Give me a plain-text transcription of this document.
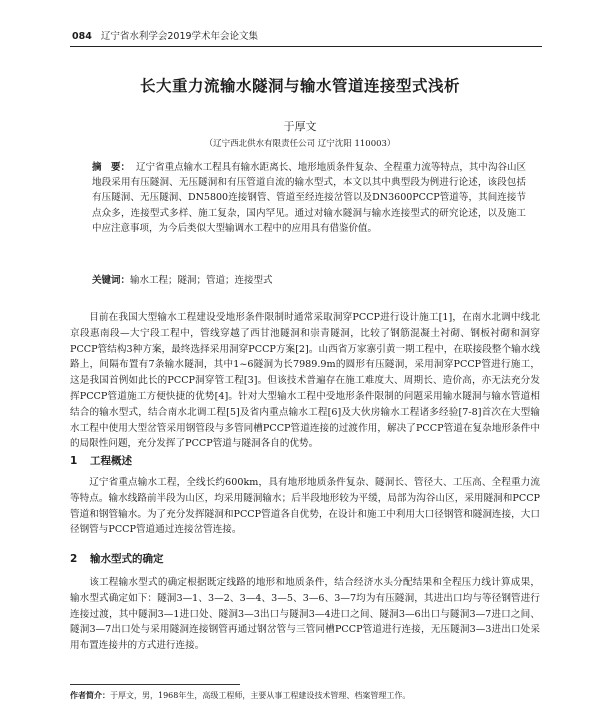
084 辽宁省水利学会2019学术年会论文集
长大重力流输水隧洞与输水管道连接型式浅析
于厚文
（辽宁西北供水有限责任公司 辽宁沈阳 110003）
摘　要： 辽宁省重点输水工程具有输水距离长、地形地质条件复杂、全程重力流等特点，其中沟谷山区地段采用有压隧洞、无压隧洞和有压管道自流的输水型式，本文以其中典型段为例进行论述，该段包括有压隧洞、无压隧洞、DN5800连接钢管、管道至经连接岔管以及DN3600PCCP管道等，其间连接节点众多，连接型式多样、施工复杂，国内罕见。通过对输水隧洞与输水连接型式的研究论述，以及施工中应注意事项，为今后类似大型输调水工程中的应用具有借鉴价值。
关键词：输水工程；隧洞；管道；连接型式
目前在我国大型输水工程建设受地形条件限制时通常采取洞穿PCCP进行设计施工[1]，在南水北调中线北京段惠南段—大宁段工程中，管线穿越了西甘池隧洞和崇青隧洞，比较了钢筋混凝土衬砌、钢板衬砌和洞穿PCCP管结构3种方案，最终选择采用洞穿PCCP方案[2]。山西省万家寨引黄一期工程中，在联接段整个输水线路上，间隔布置有7条输水隧洞，其中1~6隧洞为长7989.9m的圆形有压隧洞，采用洞穿PCCP管进行施工，这是我国首例如此长的PCCP洞穿管工程[3]。但该技术普遍存在施工难度大、周期长、造价高，亦无法充分发挥PCCP管道施工方便快捷的优势[4]。针对大型输水工程中受地形条件限制的问题采用输水隧洞与输水管道相结合的输水型式，结合南水北调工程[5]及省内重点输水工程[6]及大伙房输水工程诸多经验[7-8]首次在大型输水工程中使用大型岔管采用钢管段与多管同槽PCCP管道连接的过渡作用，解决了PCCP管道在复杂地形条件中的局限性问题，充分发挥了PCCP管道与隧洞各自的优势。
1 工程概述
辽宁省重点输水工程，全线长约600km，具有地形地质条件复杂、隧洞长、管径大、工压高、全程重力流等特点。输水线路前半段为山区，均采用隧洞输水；后半段地形较为平缓，局部为沟谷山区，采用隧洞和PCCP管道和钢管输水。为了充分发挥隧洞和PCCP管道各自优势，在设计和施工中利用大口径钢管和隧洞连接，大口径钢管与PCCP管道通过连接岔管连接。
2 输水型式的确定
该工程输水型式的确定根据既定线路的地形和地质条件，结合经济水头分配结果和全程压力线计算成果，输水型式确定如下：隧洞3—1、3—2、3—4、3—5、3—6、3—7均为有压隧洞，其进出口均与等径钢管进行连接过渡，其中隧洞3—1进口处、隧洞3—3出口与隧洞3—4进口之间、隧洞3—6出口与隧洞3—7进口之间、隧洞3—7出口处与采用隧洞连接钢管再通过钢岔管与三管同槽PCCP管道进行连接，无压隧洞3—3进出口处采用布置连接井的方式进行连接。
作者简介：于厚文，男，1968年生，高级工程师，主要从事工程建设技术管理、档案管理工作。
